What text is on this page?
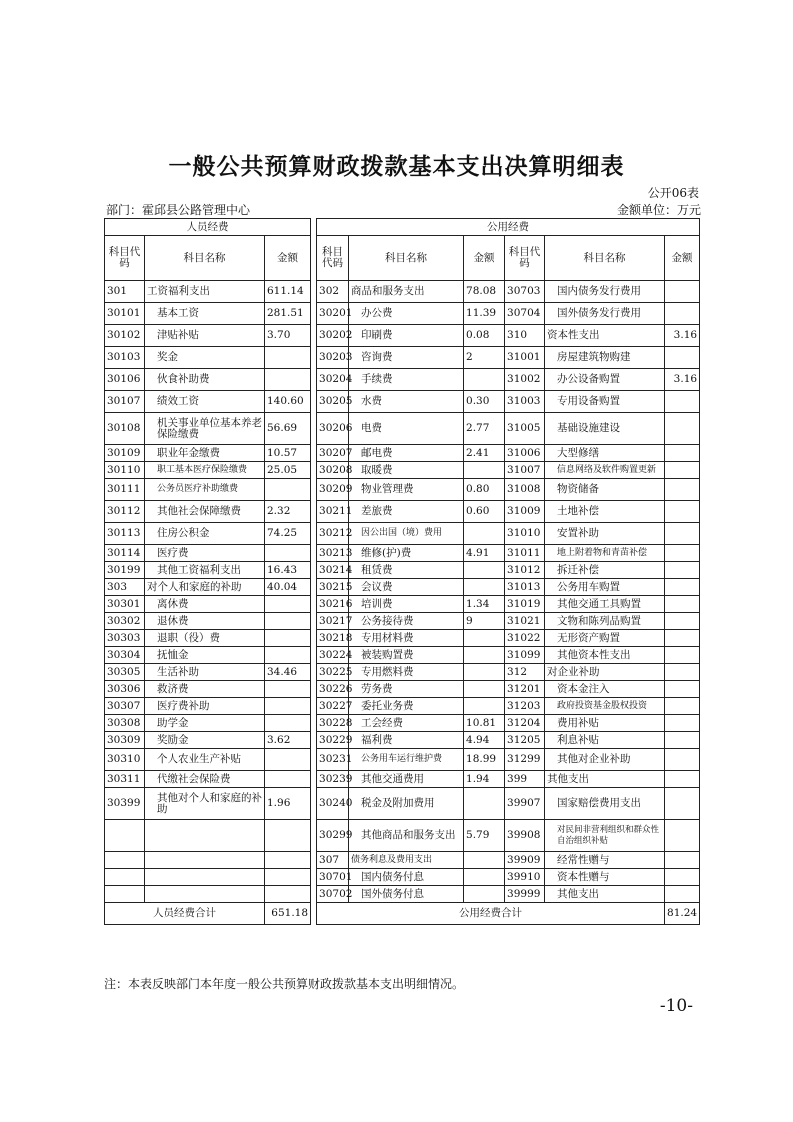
一般公共预算财政拨款基本支出决算明细表
公开06表
部门：霍邱县公路管理中心	金额单位：万元
人员经费				公用经费					
科目代码	科目名称	金额		科目代码	科目名称	金额	科目代码	科目名称	金额
301	工资福利支出	611.14		302	商品和服务支出	78.08	30703	国内债务发行费用	
30101	基本工资	281.51		30201	办公费	11.39	30704	国外债务发行费用	
30102	津贴补贴	3.70		30202	印刷费	0.08	310	资本性支出	3.16
30103	奖金			30203	咨询费	2	31001	房屋建筑物购建	
30106	伙食补助费			30204	手续费		31002	办公设备购置	3.16
30107	绩效工资	140.60		30205	水费	0.30	31003	专用设备购置	
30108	机关事业单位基本养老保险缴费	56.69		30206	电费	2.77	31005	基础设施建设	
30109	职业年金缴费	10.57		30207	邮电费	2.41	31006	大型修缮	
30110	职工基本医疗保险缴费	25.05		30208	取暖费		31007	信息网络及软件购置更新	
30111	公务员医疗补助缴费			30209	物业管理费	0.80	31008	物资储备	
30112	其他社会保障缴费	2.32		30211	差旅费	0.60	31009	土地补偿	
30113	住房公积金	74.25		30212	因公出国（境）费用		31010	安置补助	
30114	医疗费			30213	维修(护)费	4.91	31011	地上附着物和青苗补偿	
30199	其他工资福利支出	16.43		30214	租赁费		31012	拆迁补偿	
303	对个人和家庭的补助	40.04		30215	会议费		31013	公务用车购置	
30301	离休费			30216	培训费	1.34	31019	其他交通工具购置	
30302	退休费			30217	公务接待费	9	31021	文物和陈列品购置	
30303	退职（役）费			30218	专用材料费		31022	无形资产购置	
30304	抚恤金			30224	被装购置费		31099	其他资本性支出	
30305	生活补助	34.46		30225	专用燃料费		312	对企业补助	
30306	救济费			30226	劳务费		31201	资本金注入	
30307	医疗费补助			30227	委托业务费		31203	政府投资基金股权投资	
30308	助学金			30228	工会经费	10.81	31204	费用补贴	
30309	奖励金	3.62		30229	福利费	4.94	31205	利息补贴	
30310	个人农业生产补贴			30231	公务用车运行维护费	18.99	31299	其他对企业补助	
30311	代缴社会保险费			30239	其他交通费用	1.94	399	其他支出	
30399	其他对个人和家庭的补助	1.96		30240	税金及附加费用		39907	国家赔偿费用支出	
				30299	其他商品和服务支出	5.79	39908	对民间非营利组织和群众性自治组织补贴	
				307	债务利息及费用支出		39909	经常性赠与	
				30701	国内债务付息		39910	资本性赠与	
				30702	国外债务付息		39999	其他支出	
人员经费合计		651.18		公用经费合计					81.24
注：本表反映部门本年度一般公共预算财政拨款基本支出明细情况。
-10-
